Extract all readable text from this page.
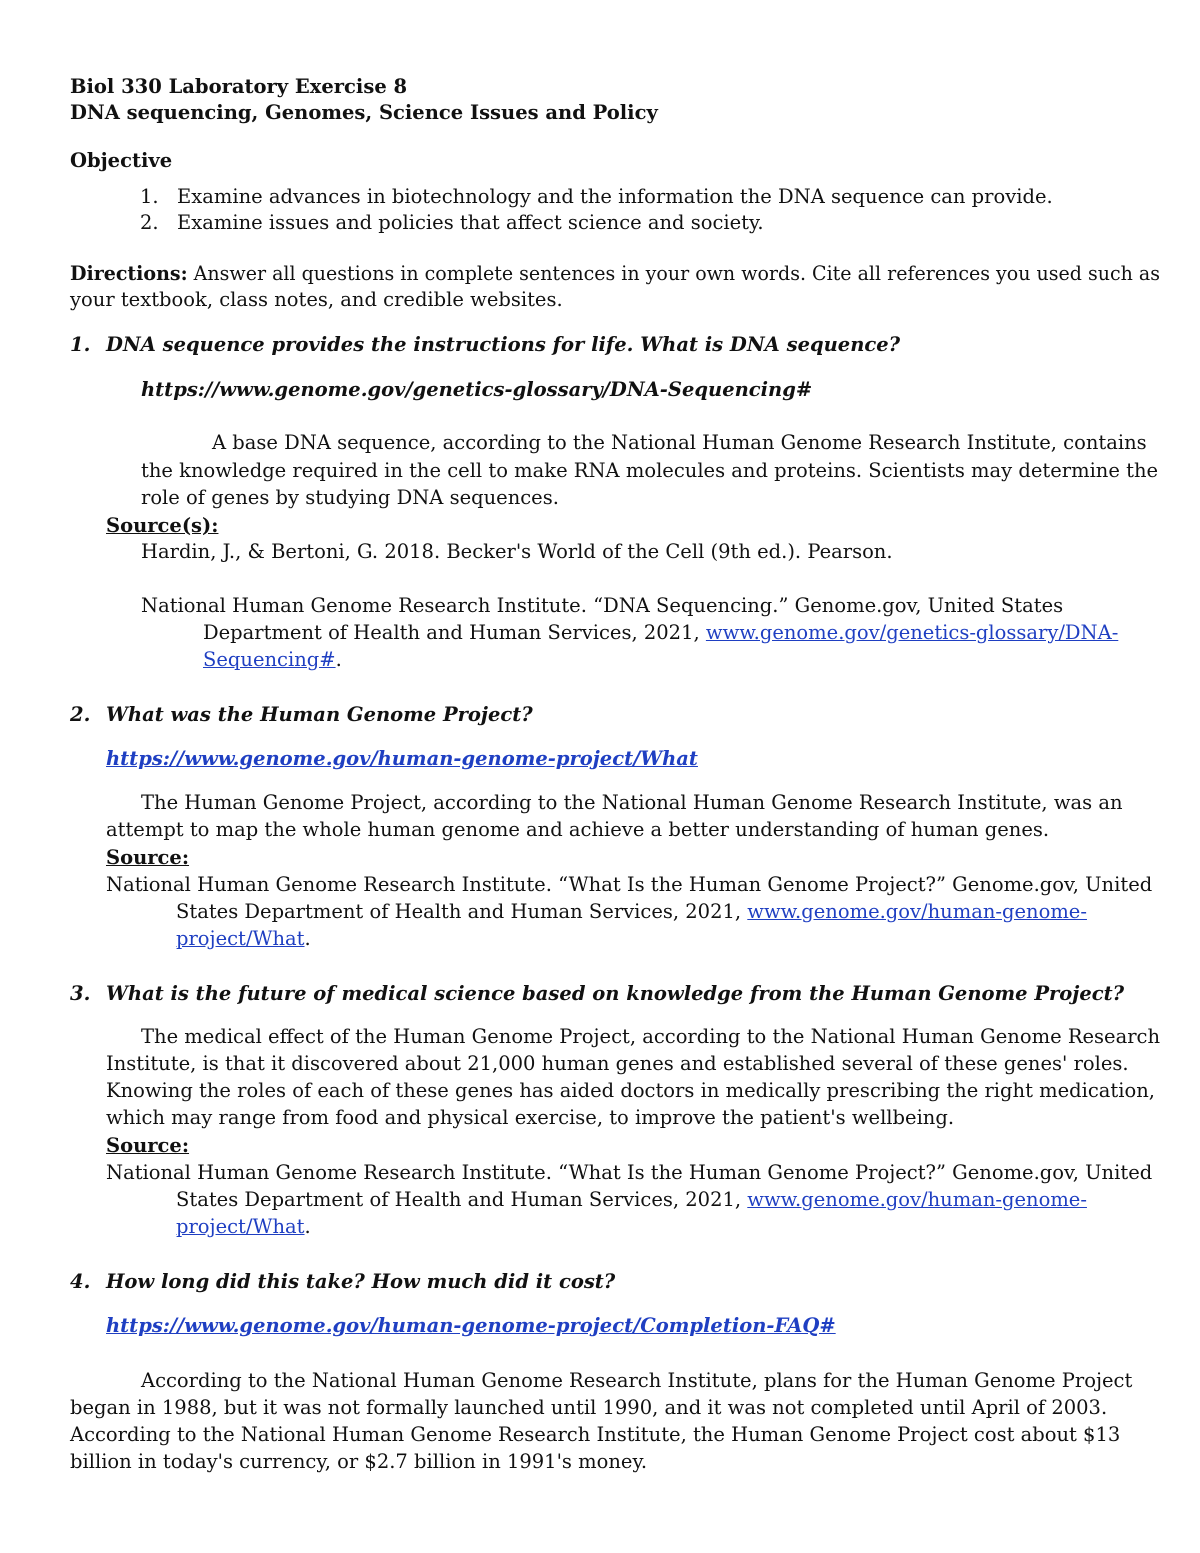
Biol 330 Laboratory Exercise 8
DNA sequencing, Genomes, Science Issues and Policy
Objective
1. Examine advances in biotechnology and the information the DNA sequence can provide.
2. Examine issues and policies that affect science and society.
Directions: Answer all questions in complete sentences in your own words. Cite all references you used such as
your textbook, class notes, and credible websites.
1. DNA sequence provides the instructions for life. What is DNA sequence?
https://www.genome.gov/genetics-glossary/DNA-Sequencing#
A base DNA sequence, according to the National Human Genome Research Institute, contains
the knowledge required in the cell to make RNA molecules and proteins. Scientists may determine the
role of genes by studying DNA sequences.
Source(s):
Hardin, J., & Bertoni, G. 2018. Becker's World of the Cell (9th ed.). Pearson.
National Human Genome Research Institute. “DNA Sequencing.” Genome.gov, United States
Department of Health and Human Services, 2021, www.genome.gov/genetics-glossary/DNA-
Sequencing#.
2. What was the Human Genome Project?
https://www.genome.gov/human-genome-project/What
The Human Genome Project, according to the National Human Genome Research Institute, was an
attempt to map the whole human genome and achieve a better understanding of human genes.
Source:
National Human Genome Research Institute. “What Is the Human Genome Project?” Genome.gov, United
States Department of Health and Human Services, 2021, www.genome.gov/human-genome-
project/What.
3. What is the future of medical science based on knowledge from the Human Genome Project?
The medical effect of the Human Genome Project, according to the National Human Genome Research
Institute, is that it discovered about 21,000 human genes and established several of these genes' roles.
Knowing the roles of each of these genes has aided doctors in medically prescribing the right medication,
which may range from food and physical exercise, to improve the patient's wellbeing.
Source:
National Human Genome Research Institute. “What Is the Human Genome Project?” Genome.gov, United
States Department of Health and Human Services, 2021, www.genome.gov/human-genome-
project/What.
4. How long did this take? How much did it cost?
https://www.genome.gov/human-genome-project/Completion-FAQ#
According to the National Human Genome Research Institute, plans for the Human Genome Project
began in 1988, but it was not formally launched until 1990, and it was not completed until April of 2003.
According to the National Human Genome Research Institute, the Human Genome Project cost about $13
billion in today's currency, or $2.7 billion in 1991's money.
